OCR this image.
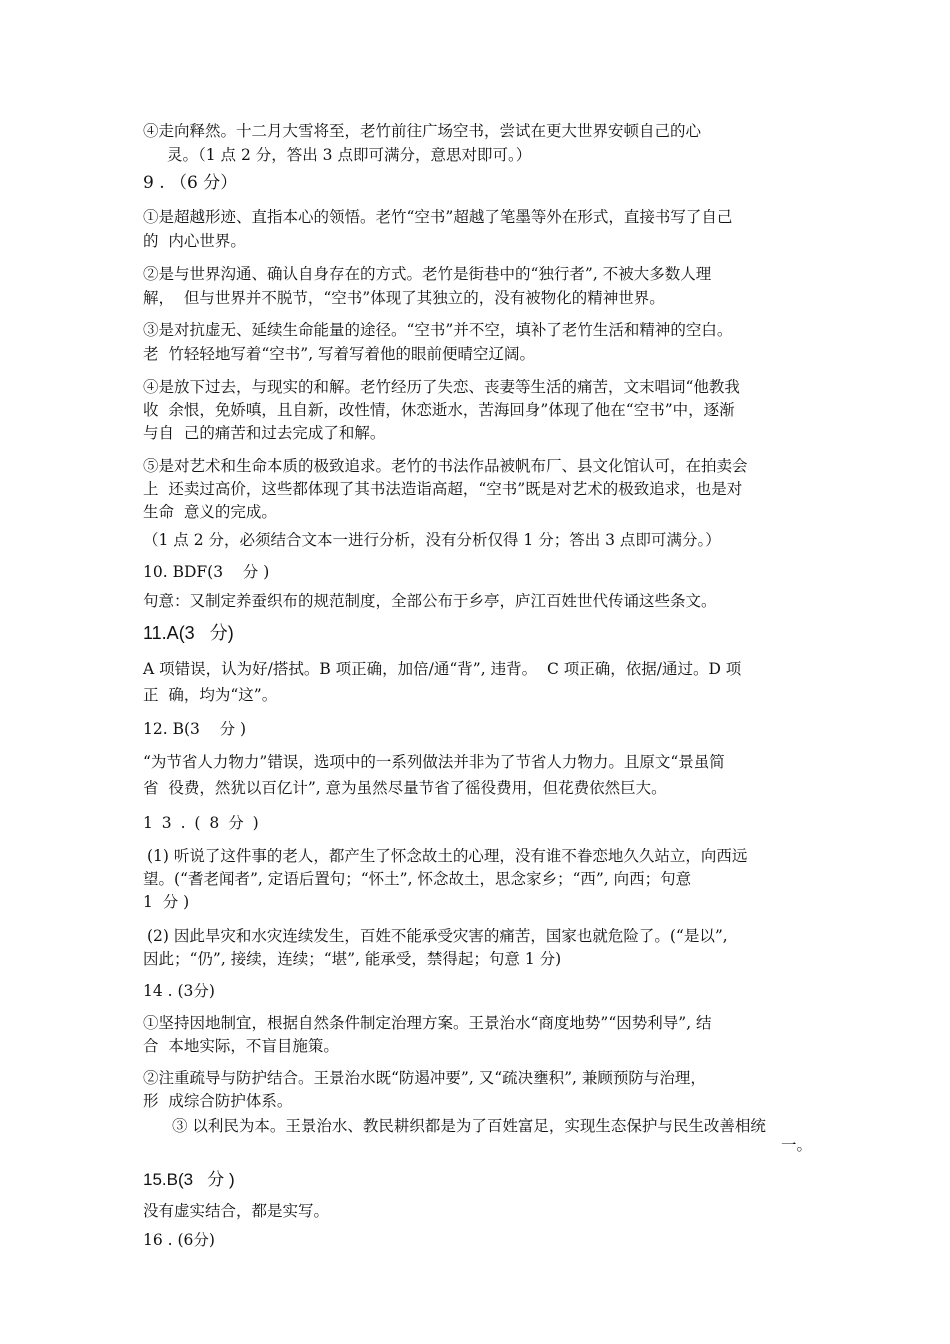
④走向释然。十二月大雪将至，老竹前往广场空书，尝试在更大世界安顿自己的心
灵。（1 点 2 分，答出 3 点即可满分，意思对即可。）
9 . （6 分）
①是超越形迹、直指本心的领悟。老竹“空书”超越了笔墨等外在形式，直接书写了自己
的  内心世界。
②是与世界沟通、确认自身存在的方式。老竹是街巷中的“独行者”, 不被大多数人理
解，  但与世界并不脱节，“空书”体现了其独立的，没有被物化的精神世界。
③是对抗虚无、延续生命能量的途径。“空书”并不空，填补了老竹生活和精神的空白。
老  竹轻轻地写着“空书”, 写着写着他的眼前便晴空辽阔。
④是放下过去，与现实的和解。老竹经历了失恋、丧妻等生活的痛苦，文末唱词“他教我
收  余恨，免娇嗔，且自新，改性情，休恋逝水，苦海回身”体现了他在“空书”中，逐渐
与自  己的痛苦和过去完成了和解。
⑤是对艺术和生命本质的极致追求。老竹的书法作品被帆布厂、县文化馆认可，在拍卖会
上  还卖过高价，这些都体现了其书法造诣高超，“空书”既是对艺术的极致追求，也是对
生命  意义的完成。
（1 点 2 分，必须结合文本一进行分析，没有分析仅得 1 分；答出 3 点即可满分。）
10. BDF(3    分 )
句意：又制定养蚕织布的规范制度，全部公布于乡亭，庐江百姓世代传诵这些条文。
11.A(3   分)
A 项错误，认为好/搭拭。B 项正确，加倍/通“背”, 违背。  C 项正确，依据/通过。D 项
正  确，均为“这”。
12. B(3    分 )
“为节省人力物力”错误，选项中的一系列做法并非为了节省人力物力。且原文“景虽简
省  役费，然犹以百亿计”, 意为虽然尽量节省了徭役费用，但花费依然巨大。
1 3 . ( 8 分 )
(1) 听说了这件事的老人，都产生了怀念故土的心理，没有谁不眷恋地久久站立，向西远
望。(“耆老闻者”, 定语后置句；“怀土”, 怀念故土，思念家乡；“西”, 向西；句意
1  分 )
(2) 因此旱灾和水灾连续发生，百姓不能承受灾害的痛苦，国家也就危险了。(“是以”,
因此；“仍”, 接续，连续；“堪”, 能承受，禁得起；句意 1 分)
14 . (3分)
①坚持因地制宜，根据自然条件制定治理方案。王景治水“商度地势”“因势利导”, 结
合  本地实际，不盲目施策。
②注重疏导与防护结合。王景治水既“防遏冲要”, 又“疏决壅积”, 兼顾预防与治理，
形  成综合防护体系。
③ 以利民为本。王景治水、教民耕织都是为了百姓富足，实现生态保护与民生改善相统
一。
15.B(3   分 )
没有虚实结合，都是实写。
16 . (6分)
